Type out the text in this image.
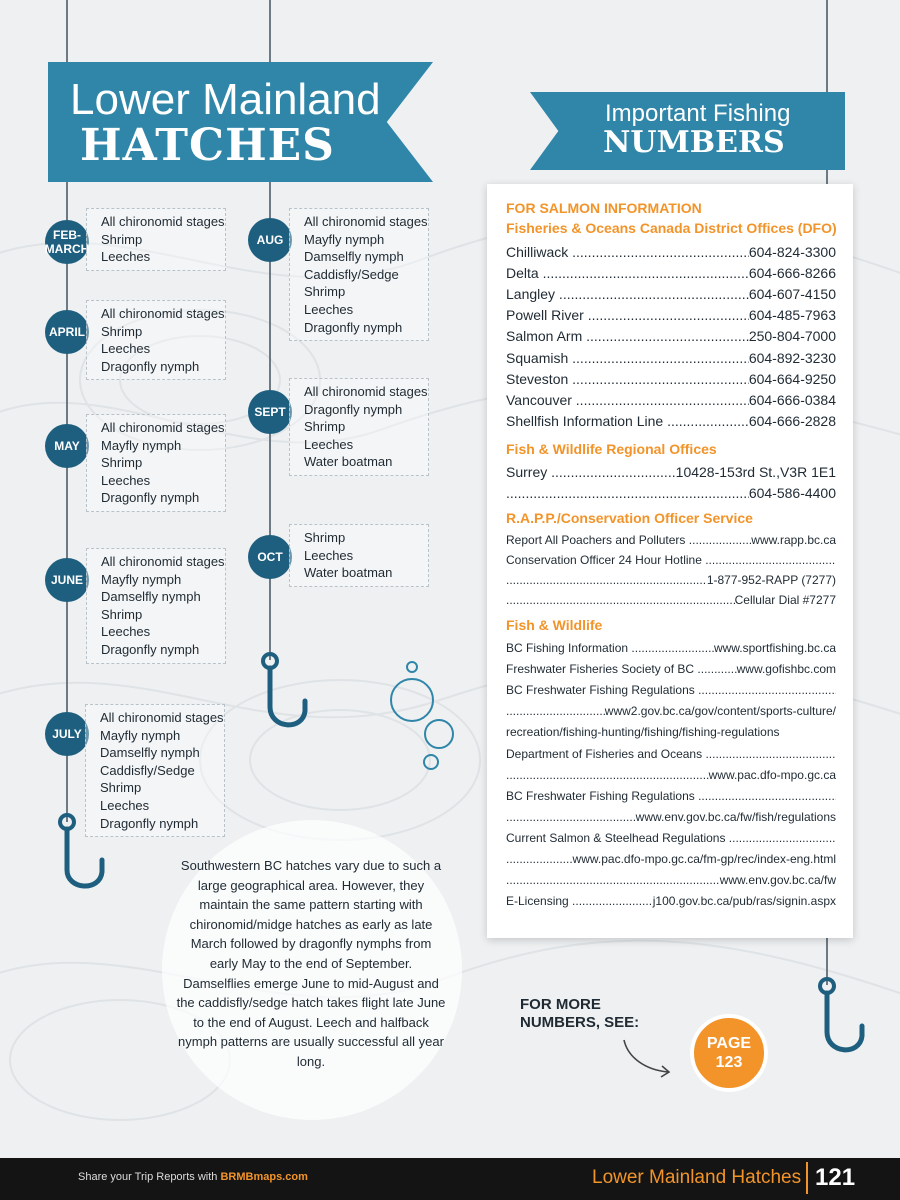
Lower Mainland
HATCHES
Important Fishing
NUMBERS
FEB-
MARCH
All chironomid stages
Shrimp
Leeches
APRIL
All chironomid stages
Shrimp
Leeches
Dragonfly nymph
MAY
All chironomid stages
Mayfly nymph
Shrimp
Leeches
Dragonfly nymph
JUNE
All chironomid stages
Mayfly nymph
Damselfly nymph
Shrimp
Leeches
Dragonfly nymph
JULY
All chironomid stages
Mayfly nymph
Damselfly nymph
Caddisfly/Sedge
Shrimp
Leeches
Dragonfly nymph
AUG
All chironomid stages
Mayfly nymph
Damselfly nymph
Caddisfly/Sedge
Shrimp
Leeches
Dragonfly nymph
SEPT
All chironomid stages
Dragonfly nymph
Shrimp
Leeches
Water boatman
OCT
Shrimp
Leeches
Water boatman
FOR SALMON INFORMATION
Fisheries & Oceans Canada District Offices (DFO)
Chilliwack .....	604-824-3300
Delta .....	604-666-8266
Langley .....	604-607-4150
Powell River .....	604-485-7963
Salmon Arm .....	250-804-7000
Squamish .....	604-892-3230
Steveston .....	604-664-9250
Vancouver .....	604-666-0384
Shellfish Information Line .....	604-666-2828
Fish & Wildlife Regional Offices
Surrey .....	10428-153rd St.,V3R 1E1
.....
604-586-4400
R.A.P.P./Conservation Officer Service
Report All Poachers and Polluters .....	www.rapp.bc.ca
Conservation Officer 24 Hour Hotline .....
.....
1-877-952-RAPP (7277)
.....
Cellular Dial #7277
Fish & Wildlife
BC Fishing Information .....	www.sportfishing.bc.ca
Freshwater Fisheries Society of BC .....	www.gofishbc.com
BC Freshwater Fishing Regulations .....
.....
www2.gov.bc.ca/gov/content/sports-culture/
recreation/fishing-hunting/fishing/fishing-regulations
Department of Fisheries and Oceans .....
.....
www.pac.dfo-mpo.gc.ca
BC Freshwater Fishing Regulations .....
.....
www.env.gov.bc.ca/fw/fish/regulations
Current Salmon & Steelhead Regulations .....
.....
www.pac.dfo-mpo.gc.ca/fm-gp/rec/index-eng.html
.....
www.env.gov.bc.ca/fw
E-Licensing .....	j100.gov.bc.ca/pub/ras/signin.aspx
Southwestern BC hatches vary due to such a large geographical area. However, they maintain the same pattern starting with chironomid/midge hatches as early as late March followed by dragonfly nymphs from early May to the end of September. Damselflies emerge June to mid-August and the caddisfly/sedge hatch takes flight late June to the end of August. Leech and halfback nymph patterns are usually successful all year long.
FOR MORE
NUMBERS, SEE:
PAGE
123
Share your Trip Reports with BRMBmaps.com	Lower Mainland Hatches 121
